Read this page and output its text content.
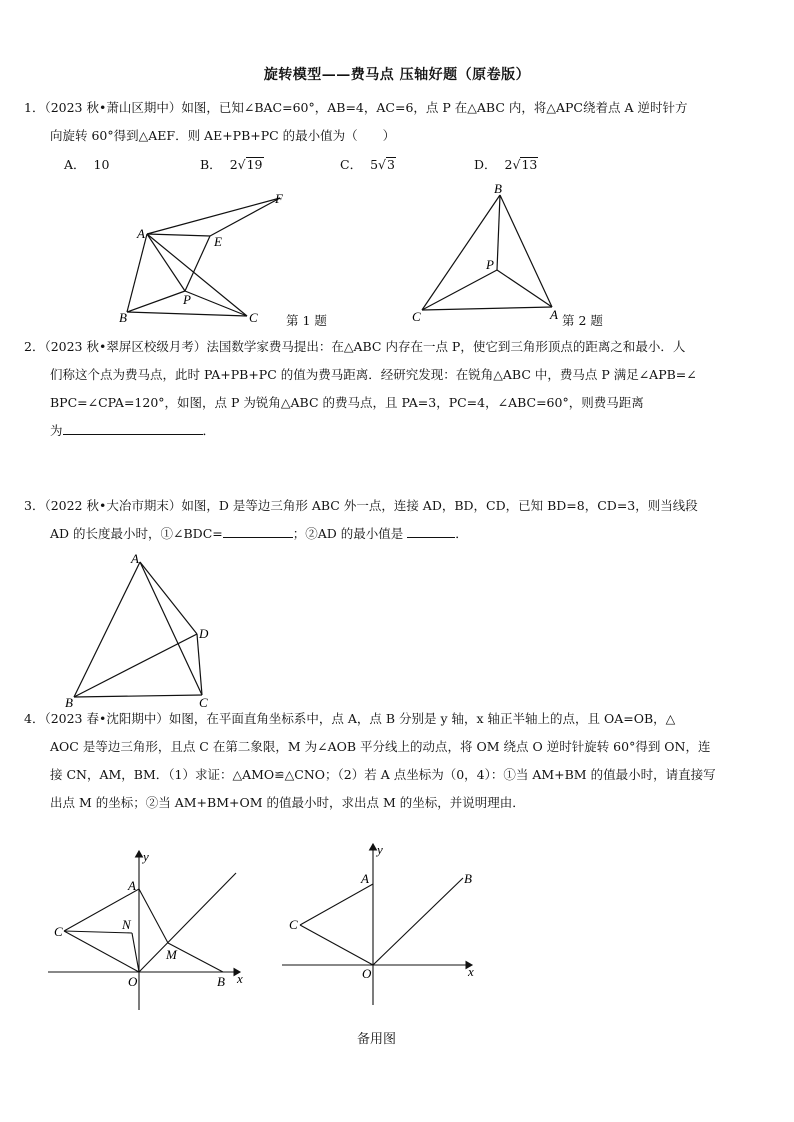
旋转模型——费马点 压轴好题（原卷版）

1．（2023 秋•萧山区期中）如图，已知∠BAC=60°，AB=4，AC=6，点 P 在△ABC 内，将△APC绕着点 A 逆时针方

向旋转 60°得到△AEF．则 AE+PB+PC 的最小值为（　　）

A． 10	B． 2√19	C． 5√3	D． 2√13
A
B	C
E
F
P
第 1 题
B
C	A
P
第 2 题

2．（2023 秋•翠屏区校级月考）法国数学家费马提出：在△ABC 内存在一点 P，使它到三角形顶点的距离之和最小．人

们称这个点为费马点，此时 PA+PB+PC 的值为费马距离．经研究发现：在锐角△ABC 中，费马点 P 满足∠APB=∠

BPC=∠CPA=120°，如图，点 P 为锐角△ABC 的费马点，且 PA=3，PC=4，∠ABC=60°，则费马距离

为	．

3．（2022 秋•大冶市期末）如图，D 是等边三角形 ABC 外一点，连接 AD，BD，CD，已知 BD=8，CD=3，则当线段

AD 的长度最小时，①∠BDC=	；②AD 的最小值是	．

A
B	C
D

4．（2023 春•沈阳期中）如图，在平面直角坐标系中，点 A，点 B 分别是 y 轴，x 轴正半轴上的点，且 OA=OB，△

AOC 是等边三角形，且点 C 在第二象限，M 为∠AOB 平分线上的动点，将 OM 绕点 O 逆时针旋转 60°得到 ON，连

接 CN，AM，BM．（1）求证：△AMO≌△CNO；（2）若 A 点坐标为（0，4）：①当 AM+BM 的值最小时，请直接写

出点 M 的坐标；②当 AM+BM+OM 的值最小时，求出点 M 的坐标，并说明理由．

y
x
A
C	N
M
O	B
y
x
A	B
C
O
备用图
